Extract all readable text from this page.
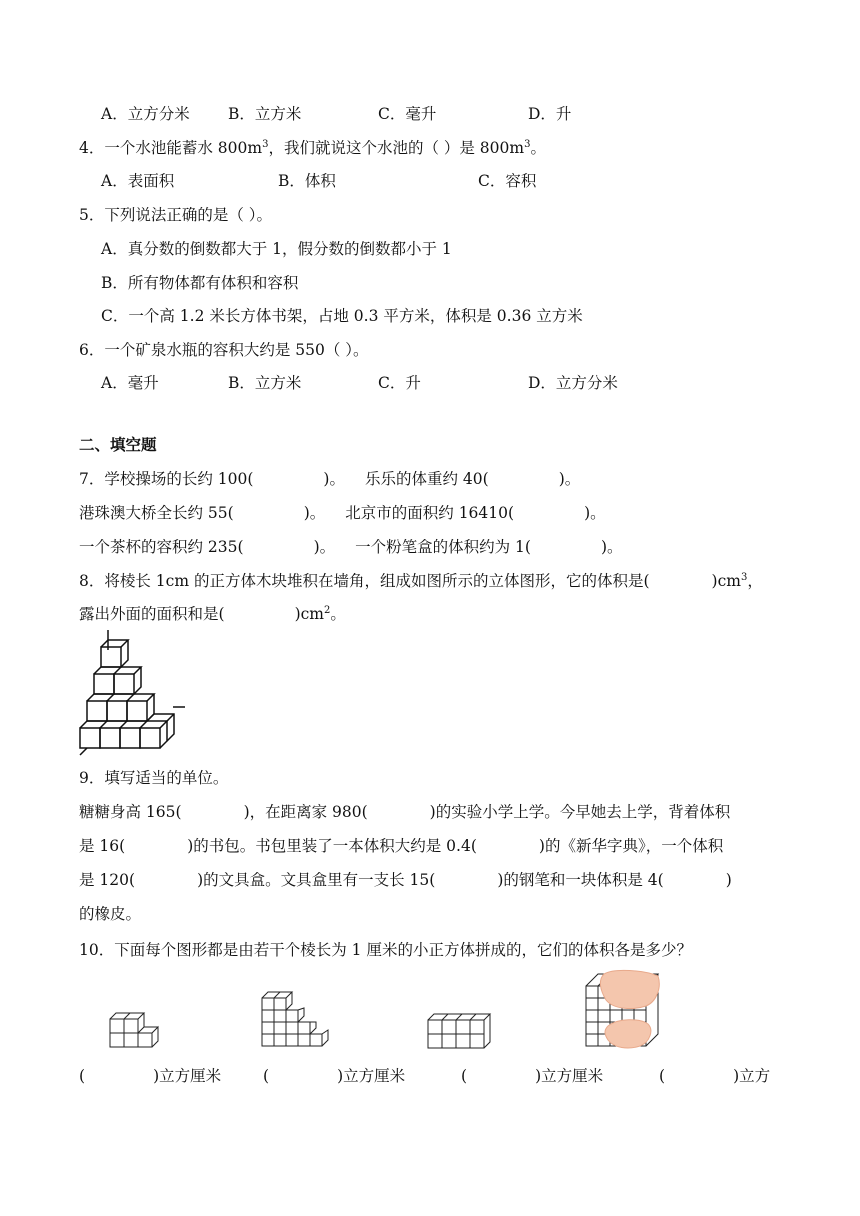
A．立方分米 B．立方米	C．毫升	D．升
4．一个水池能蓄水 $800m^3$，我们就说这个水池的（ ）是 $800m^3$。
A．表面积	B．体积	C．容积
5．下列说法正确的是（ ）。
A．真分数的倒数都大于 1，假分数的倒数都小于 1
B．所有物体都有体积和容积
C．一个高 1.2 米长方体书架，占地 0.3 平方米，体积是 0.36 立方米
6．一个矿泉水瓶的容积大约是 550（ ）。
A．毫升	B．立方米	C．升	D．立方分米
二、填空题
7．学校操场的长约 100(	)。 乐乐的体重约 40(	)。
港珠澳大桥全长约 55(	)。 北京市的面积约 16410(	)。
一个茶杯的容积约 235(	)。 一个粉笔盒的体积约为 1(	)。
8．将棱长 1cm 的正方体木块堆积在墙角，组成如图所示的立体图形，它的体积是(	)$cm^3$，
露出外面的面积和是(	)$cm^2$。
9．填写适当的单位。
糖糖身高 165(	)，在距离家 980(	)的实验小学上学。今早她去上学，背着体积
是 16(	)的书包。书包里装了一本体积大约是 0.4(	)的《新华字典》，一个体积
是 120(	)的文具盒。文具盒里有一支长 15(	)的钢笔和一块体积是 4(	)
的橡皮。
10．下面每个图形都是由若干个棱长为 1 厘米的小正方体拼成的，它们的体积各是多少？
(	)立方厘米	(	)立方厘米	(	)立方厘米	(	)立方
